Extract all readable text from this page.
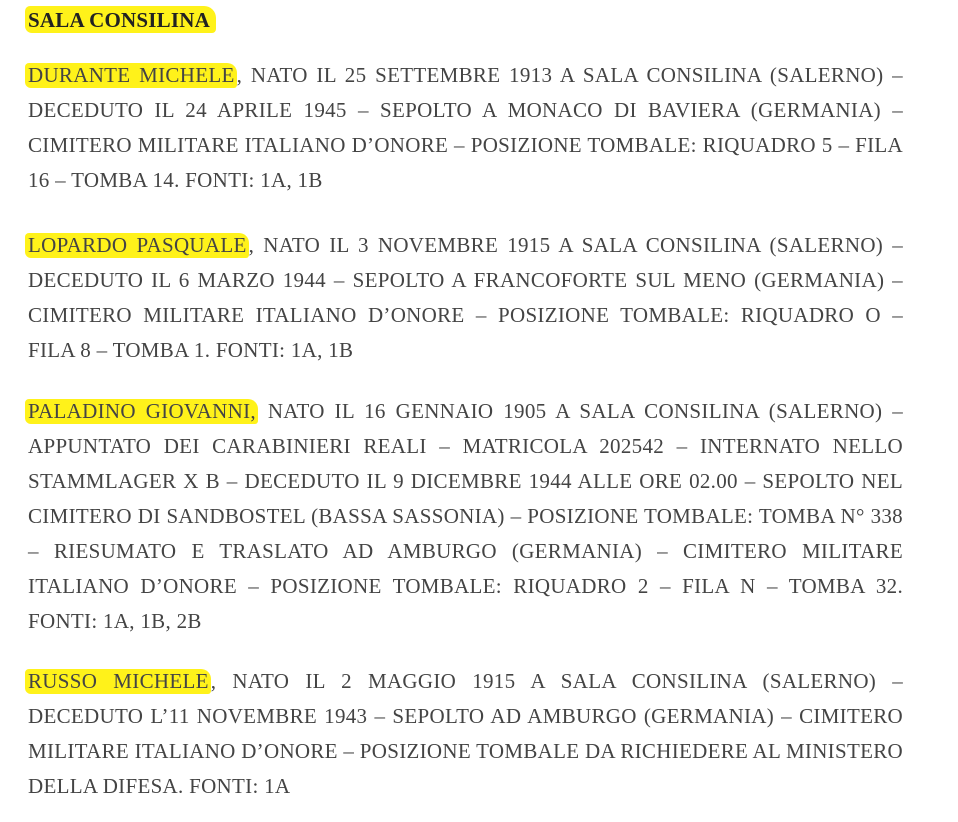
SALA CONSILINA

DURANTE MICHELE, NATO IL 25 SETTEMBRE 1913 A SALA CONSILINA (SALERNO) – DECEDUTO IL 24 APRILE 1945 – SEPOLTO A MONACO DI BAVIERA (GERMANIA) – CIMITERO MILITARE ITALIANO D’ONORE – POSIZIONE TOMBALE: RIQUADRO 5 – FILA 16 – TOMBA 14. FONTI: 1A, 1B

LOPARDO PASQUALE, NATO IL 3 NOVEMBRE 1915 A SALA CONSILINA (SALERNO) – DECEDUTO IL 6 MARZO 1944 – SEPOLTO A FRANCOFORTE SUL MENO (GERMANIA) – CIMITERO MILITARE ITALIANO D’ONORE – POSIZIONE TOMBALE: RIQUADRO O – FILA 8 – TOMBA 1. FONTI: 1A, 1B

PALADINO GIOVANNI, NATO IL 16 GENNAIO 1905 A SALA CONSILINA (SALERNO) – APPUNTATO DEI CARABINIERI REALI – MATRICOLA 202542 – INTERNATO NELLO STAMMLAGER X B – DECEDUTO IL 9 DICEMBRE 1944 ALLE ORE 02.00 – SEPOLTO NEL CIMITERO DI SANDBOSTEL (BASSA SASSONIA) – POSIZIONE TOMBALE: TOMBA N° 338 – RIESUMATO E TRASLATO AD AMBURGO (GERMANIA) – CIMITERO MILITARE ITALIANO D’ONORE – POSIZIONE TOMBALE: RIQUADRO 2 – FILA N – TOMBA 32. FONTI: 1A, 1B, 2B

RUSSO MICHELE, NATO IL 2 MAGGIO 1915 A SALA CONSILINA (SALERNO) – DECEDUTO L’11 NOVEMBRE 1943 – SEPOLTO AD AMBURGO (GERMANIA) – CIMITERO MILITARE ITALIANO D’ONORE – POSIZIONE TOMBALE DA RICHIEDERE AL MINISTERO DELLA DIFESA. FONTI: 1A
